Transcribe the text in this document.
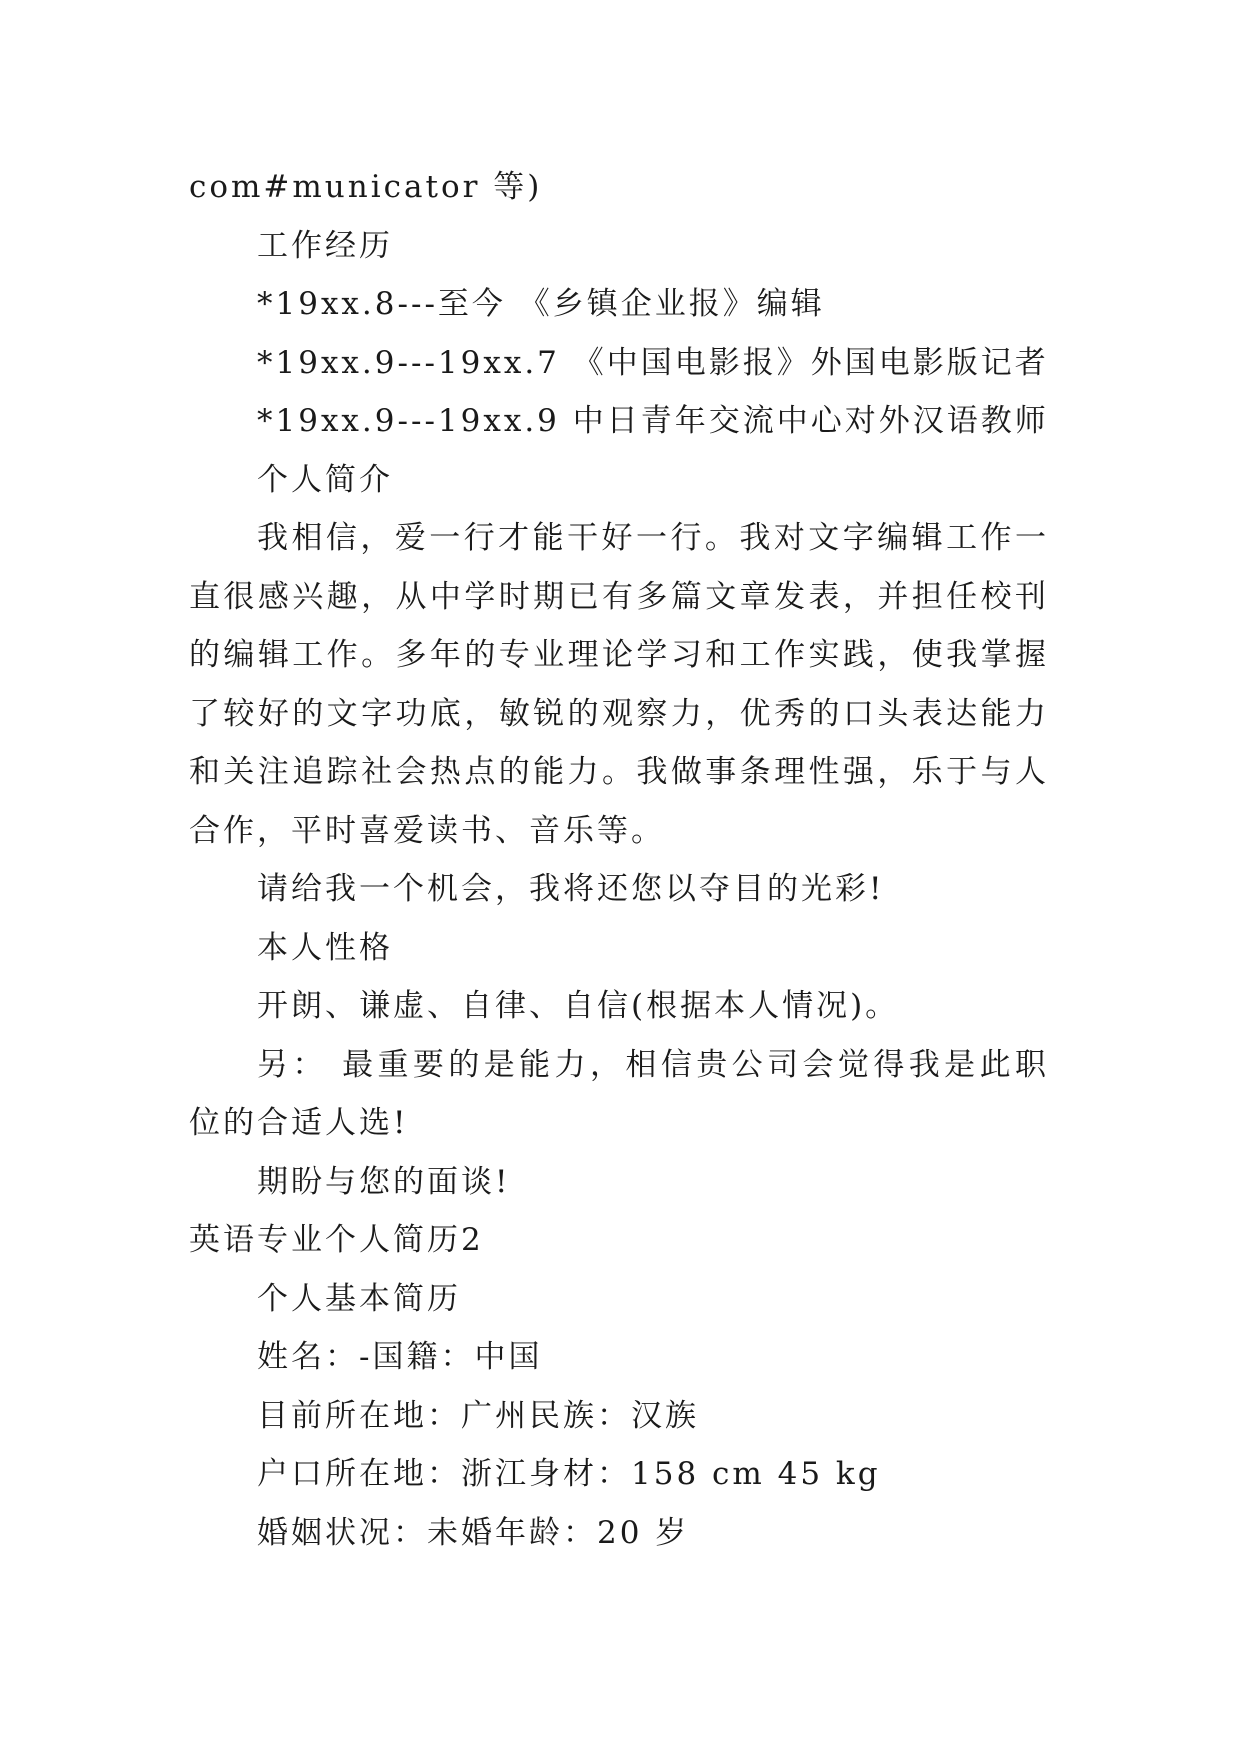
com#municator 等)
工作经历
*19xx.8---至今 《乡镇企业报》编辑
*19xx.9---19xx.7 《中国电影报》外国电影版记者
*19xx.9---19xx.9 中日青年交流中心对外汉语教师
个人简介
我相信，爱一行才能干好一行。我对文字编辑工作一直很感兴趣，从中学时期已有多篇文章发表，并担任校刊的编辑工作。多年的专业理论学习和工作实践，使我掌握了较好的文字功底，敏锐的观察力，优秀的口头表达能力和关注追踪社会热点的能力。我做事条理性强，乐于与人合作，平时喜爱读书、音乐等。
请给我一个机会，我将还您以夺目的光彩!
本人性格
开朗、谦虚、自律、自信(根据本人情况)。
另： 最重要的是能力，相信贵公司会觉得我是此职位的合适人选!
期盼与您的面谈!
英语专业个人简历2
个人基本简历
姓名：-国籍：中国
目前所在地：广州民族：汉族
户口所在地：浙江身材：158 cm 45 kg
婚姻状况：未婚年龄：20 岁
